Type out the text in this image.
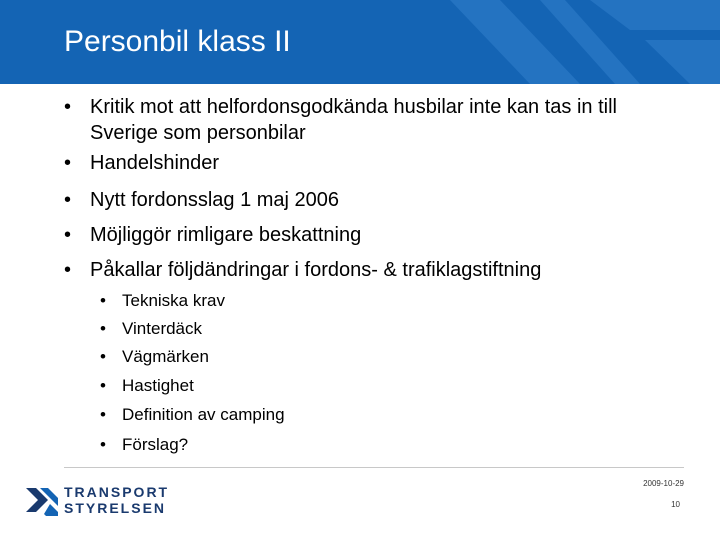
Personbil klass II
• Kritik mot att helfordonsgodkända husbilar inte kan tas in till Sverige som personbilar
• Handelshinder
• Nytt fordonsslag 1 maj 2006
• Möjliggör rimligare beskattning
• Påkallar följdändringar i fordons- & trafiklagstiftning
• Tekniska krav
• Vinterdäck
• Vägmärken
• Hastighet
• Definition av camping
• Förslag?
2009-10-29
10
TRANSPORT
STYRELSEN
